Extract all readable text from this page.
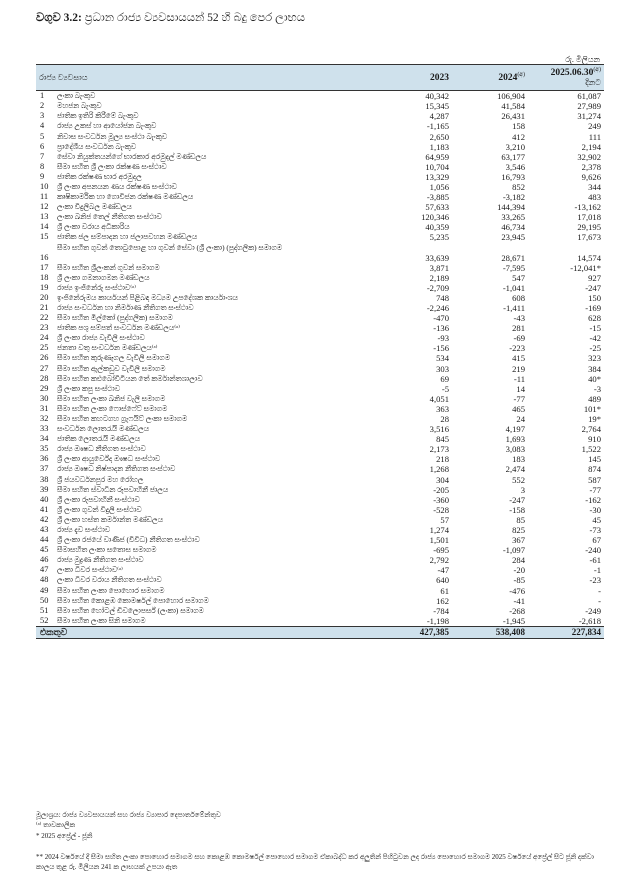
වගුව 3.2: ප්‍රධාන රාජ්‍ය ව්‍යවසායයන් 52 හි බදු පෙර ලාභය
රු. මිලියන
රාජ්‍ය ව්‍යවසාය		2023	$2024^{(අ)}$	$2025.06.30^{(අ)}$
දිනට
1	ලංකා බැංකුව	40,342	106,904	61,087
2	මහජන බැංකුව	15,345	41,584	27,989
3	ජාතික ඉතිරි කිරීමේ බැංකුව	4,287	26,431	31,274
4	රාජ්‍ය උකස් හා ආයෝජන බැංකුව	-1,165	158	249
5	නිවාස සංවර්ධන මූල්‍ය සංස්ථා බැංකුව	2,650	412	111
6	ප්‍රාදේශීය සංවර්ධන බැංකුව	1,183	3,210	2,194
7	සේවා නියුක්තයන්ගේ භාරකාර අරමුදල් මණ්ඩලය	64,959	63,177	32,902
8	සීමා සහිත ශ්‍රී ලංකා රක්ෂණ සංස්ථාව	10,704	3,546	2,378
9	ජාතික රක්ෂණ භාර අරමුදල	13,329	16,793	9,626
10	ශ්‍රී ලංකා අපනයන ණය රක්ෂණ සංස්ථාව	1,056	852	344
11	කෘෂිකාර්මික හා ගොවිජන රක්ෂණ මණ්ඩලය	-3,885	-3,182	483
12	ලංකා විදුලිබල මණ්ඩලය	57,633	144,394	-13,162
13	ලංකා ඛනිජ තෙල් නීතිගත සංස්ථාව	120,346	33,265	17,018
14	ශ්‍රී ලංකා වරාය අධිකාරිය	40,359	46,734	29,195
15	ජාතික ජල සම්පාදන හා ජලාපවහන මණ්ඩලය	5,235	23,945	17,673
16	සීමා සහිත ගුවන් තොටුපොළ හා ගුවන් සේවා (ශ්‍රී ලංකා) (පුද්ගලික) සමාගම	33,639	28,671	14,574
17	සීමා සහිත ශ්‍රීලංකන් ගුවන් සමාගම	3,871	-7,595	-12,041*
18	ශ්‍රී ලංකා ගමනාගමන මණ්ඩලය	2,189	547	927
19	රාජ්‍ය ඉංජිනේරු සංස්ථාව⁽ᵃ⁾	-2,709	-1,041	-247
20	ඉංජිනේරුමය කාර්යයන් පිළිබඳ මධ්‍යම උපදේශක කාර්යාංශය	748	608	150
21	රාජ්‍ය සංවර්ධන හා නිර්මාණ නීතිගත සංස්ථාව	-2,246	-1,411	-169
22	සීමා සහිත මිල්කෝ (පුද්ගලික) සමාගම	-470	-43	628
23	ජාතික පශු සම්පත් සංවර්ධන මණ්ඩලය⁽ᵃ⁾	-136	281	-15
24	ශ්‍රී ලංකා රාජ්‍ය වැවිලි සංස්ථාව	-93	-69	-42
25	ජනතා වතු සංවර්ධන මණ්ඩලය⁽ᵃ⁾	-156	-223	-25
26	සීමා සහිත කුරුණෑගල වැවිලි සමාගම	534	415	323
27	සීමා සහිත ඇල්කඩුව වැවිලි සමාගම	303	219	384
28	සීමා සහිත කළුබෝවිටියන තේ කර්මාන්තශාලාව	69	-11	40*
29	ශ්‍රී ලංකා කපු සංස්ථාව	-5	14	-3
30	සීමා සහිත ලංකා ඛනිජ වැලි සමාගම	4,051	-77	489
31	සීමා සහිත ලංකා ෆොස්ෆේට් සමාගම	363	465	101*
32	සීමා සහිත කහටගහ ග්‍රැෆයිට් ලංකා සමාගම	28	24	19*
33	සංවර්ධන ලොතරැයි මණ්ඩලය	3,516	4,197	2,764
34	ජාතික ලොතරැයි මණ්ඩලය	845	1,693	910
35	රාජ්‍ය ඖෂධ නීතිගත සංස්ථාව	2,173	3,083	1,522
36	ශ්‍රී ලංකා ආයුර්වේද ඖෂධ සංස්ථාව	218	183	145
37	රාජ්‍ය ඖෂධ නිෂ්පාදන නීතිගත සංස්ථාව	1,268	2,474	874
38	ශ්‍රී ජයවර්ධනපුර මහ රෝහල	304	552	587
39	සීමා සහිත ස්වාධීන රූපවාහිනී ජාලය	-205	3	-77
40	ශ්‍රී ලංකා රූපවාහිනී සංස්ථාව	-360	-247	-162
41	ශ්‍රී ලංකා ගුවන් විදුලි සංස්ථාව	-528	-158	-30
42	ශ්‍රී ලංකා හස්ත කර්මාන්ත මණ්ඩලය	57	85	45
43	රාජ්‍ය දැව සංස්ථාව	1,274	825	-73
44	ශ්‍රී ලංකා රජයේ වාණිජ (විවිධ) නීතිගත සංස්ථාව	1,501	367	67
45	සීමාසහිත ලංකා සතොස සමාගම	-695	-1,097	-240
46	රාජ්‍ය මුද්‍රණ නීතිගත සංස්ථාව	2,792	284	-61
47	ලංකා ධීවර සංස්ථාව⁽ᵃ⁾	-47	-20	-1
48	ලංකා ධීවර වරාය නීතිගත සංස්ථාව	640	-85	-23
49	සීමා සහිත ලංකා පොහොර සමාගම	61	-476	-
50	සීමා සහිත කොළඹ කොමර්ෂල් පොහොර සමාගම	162	-41	-
51	සීමා සහිත හෝටල් ඩිවලොපර්ස් (ලංකා) සමාගම	-784	-268	-249
52	සීමා සහිත ලංකා සිනි සමාගම	-1,198	-1,945	-2,618
එකතුව		427,385	538,408	227,834
මූලාශ්‍රය: රාජ්‍ය ව්‍යවසායයන් සහ රාජ්‍ය ව්‍යාපාර දෙපාර්තමේන්තුව
⁽ᵃ⁾ තාවකාලික
* 2025 අප්‍රේල් - ජූනි
** 2024 වර්ෂයේ දී සීමා සහිත ලංකා පොහොර සමාගම සහ කොළඹ කොමර්ෂල් පොහොර සමාගම ඒකාබද්ධ කර අලුතින් පිහිටුවන ලද රාජ්‍ය පොහොර සමාගම 2025 වර්ෂයේ අප්‍රේල් සිට ජූනි දක්වා කාලය තුළ රු. මිලියන 241 ක ලාභයක් උපයා ඇත
